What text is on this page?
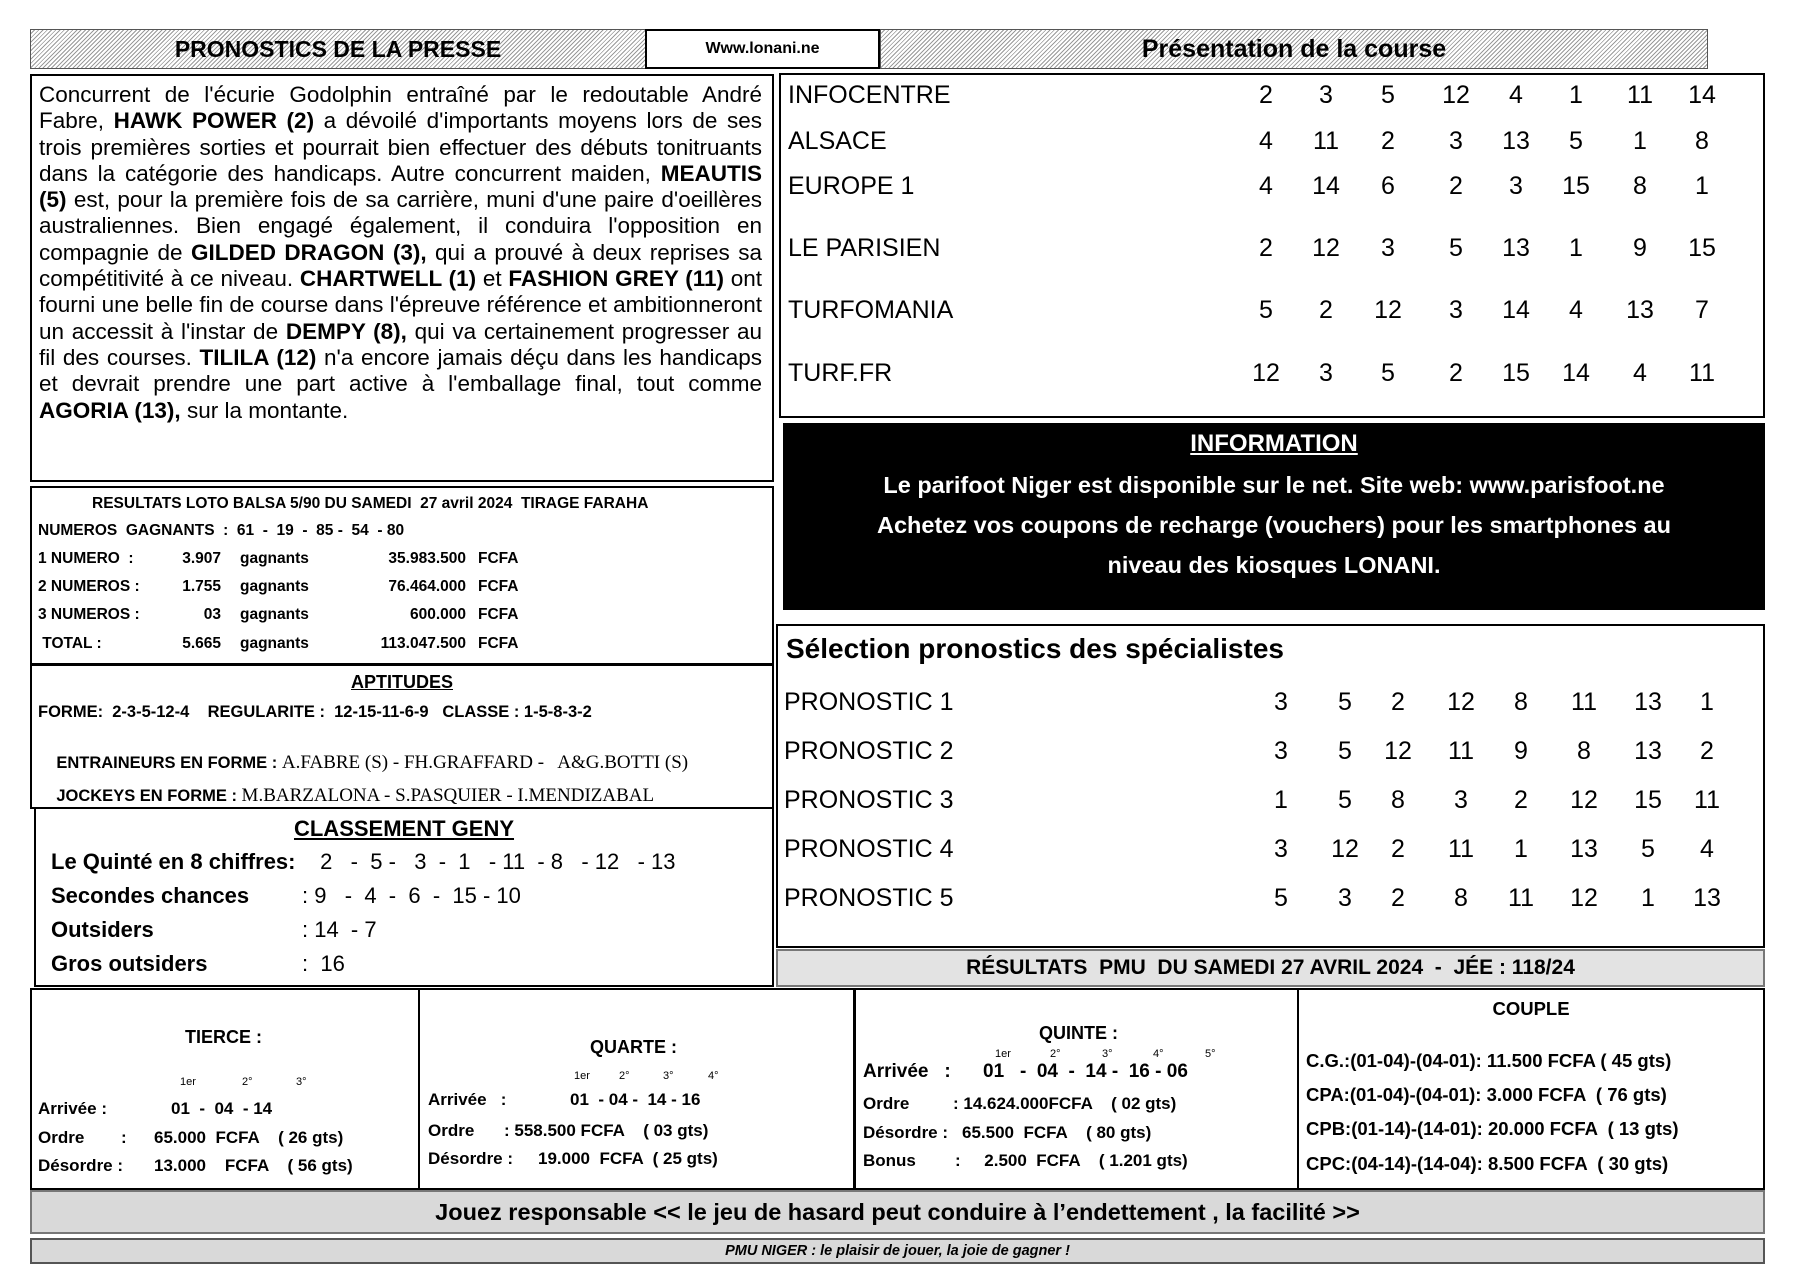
PRONOSTICS DE LA PRESSE	Www.lonani.ne	Présentation de la course

Concurrent de l'écurie Godolphin entraîné par le redoutable André Fabre, HAWK POWER (2) a dévoilé d'importants moyens lors de ses trois premières sorties et pourrait bien effectuer des débuts tonitruants dans la catégorie des handicaps. Autre concurrent maiden, MEAUTIS (5) est, pour la première fois de sa carrière, muni d'une paire d'oeillères australiennes. Bien engagé également, il conduira l'opposition en compagnie de GILDED DRAGON (3), qui a prouvé à deux reprises sa compétitivité à ce niveau. CHARTWELL (1) et FASHION GREY (11) ont fourni une belle fin de course dans l'épreuve référence et ambitionneront un accessit à l'instar de DEMPY (8), qui va certainement progresser au fil des courses. TILILA (12) n'a encore jamais déçu dans les handicaps et devrait prendre une part active à l'emballage final, tout comme AGORIA (13), sur la montante.

INFOCENTRE	2	3	5	12	4	1	11	14
ALSACE	4	11	2	3	13	5	1	8
EUROPE 1	4	14	6	2	3	15	8	1
LE PARISIEN	2	12	3	5	13	1	9	15
TURFOMANIA	5	2	12	3	14	4	13	7
TURF.FR	12	3	5	2	15	14	4	11
INFORMATION
Le parifoot Niger est disponible sur le net. Site web: www.parisfoot.ne
Achetez vos coupons de recharge (vouchers) pour les smartphones au
niveau des kiosques LONANI.
RESULTATS LOTO BALSA 5/90 DU SAMEDI  27 avril 2024  TIRAGE FARAHA
NUMEROS  GAGNANTS  :  61  -  19  -  85 -  54  - 80
1 NUMERO  :	3.907 gagnants	35.983.500 FCFA
2 NUMEROS :	1.755 gagnants	76.464.000 FCFA
3 NUMEROS :	03 gagnants	600.000 FCFA
TOTAL :	5.665 gagnants	113.047.500 FCFA
APTITUDES
FORME:  2-3-5-12-4    REGULARITE :  12-15-11-6-9   CLASSE : 1-5-8-3-2

ENTRAINEURS EN FORME : A.FABRE (S) - FH.GRAFFARD -   A&G.BOTTI (S)

JOCKEYS EN FORME : M.BARZALONA - S.PASQUIER - I.MENDIZABAL

CLASSEMENT GENY
Le Quinté en 8 chiffres: 2   -  5 -   3  -  1   - 11  - 8   - 12   - 13
Secondes chances : 9   -  4  -  6  -  15 - 10
Outsiders	: 14  - 7
Gros outsiders	:  16
Sélection pronostics des spécialistes
PRONOSTIC 1	3	5	2	12	8	11	13	1
PRONOSTIC 2	3	5	12	11	9	8	13	2
PRONOSTIC 3	1	5	8	3	2	12	15	11
PRONOSTIC 4	3	12	2	11	1	13	5	4
PRONOSTIC 5	5	3	2	8	11	12	1	13
RÉSULTATS  PMU  DU SAMEDI 27 AVRIL 2024  -  JÉE : 118/24
TIERCE :
1er	2°	3°
Arrivée :	01  -  04  - 14
Ordre : 65.000  FCFA    ( 26 gts)
Désordre : 13.000    FCFA    ( 56 gts)
QUARTE :
1er	2°	3°	4°
Arrivée   :	01  - 04 -  14 - 16
Ordre : 558.500 FCFA    ( 03 gts)
Désordre : 19.000  FCFA  ( 25 gts)
QUINTE :
1er	2°	3°	4°	5°
Arrivée   : 01   -  04  -  14 -  16 - 06
Ordre	: 14.624.000FCFA    ( 02 gts)
Désordre : 65.500  FCFA    ( 80 gts)
Bonus :     2.500  FCFA    ( 1.201 gts)
COUPLE
C.G.:(01-04)-(04-01): 11.500 FCFA ( 45 gts)
CPA:(01-04)-(04-01): 3.000 FCFA  ( 76 gts)
CPB:(01-14)-(14-01): 20.000 FCFA  ( 13 gts)
CPC:(04-14)-(14-04): 8.500 FCFA  ( 30 gts)
Jouez responsable << le jeu de hasard peut conduire à l’endettement , la facilité >>
PMU NIGER : le plaisir de jouer, la joie de gagner !
